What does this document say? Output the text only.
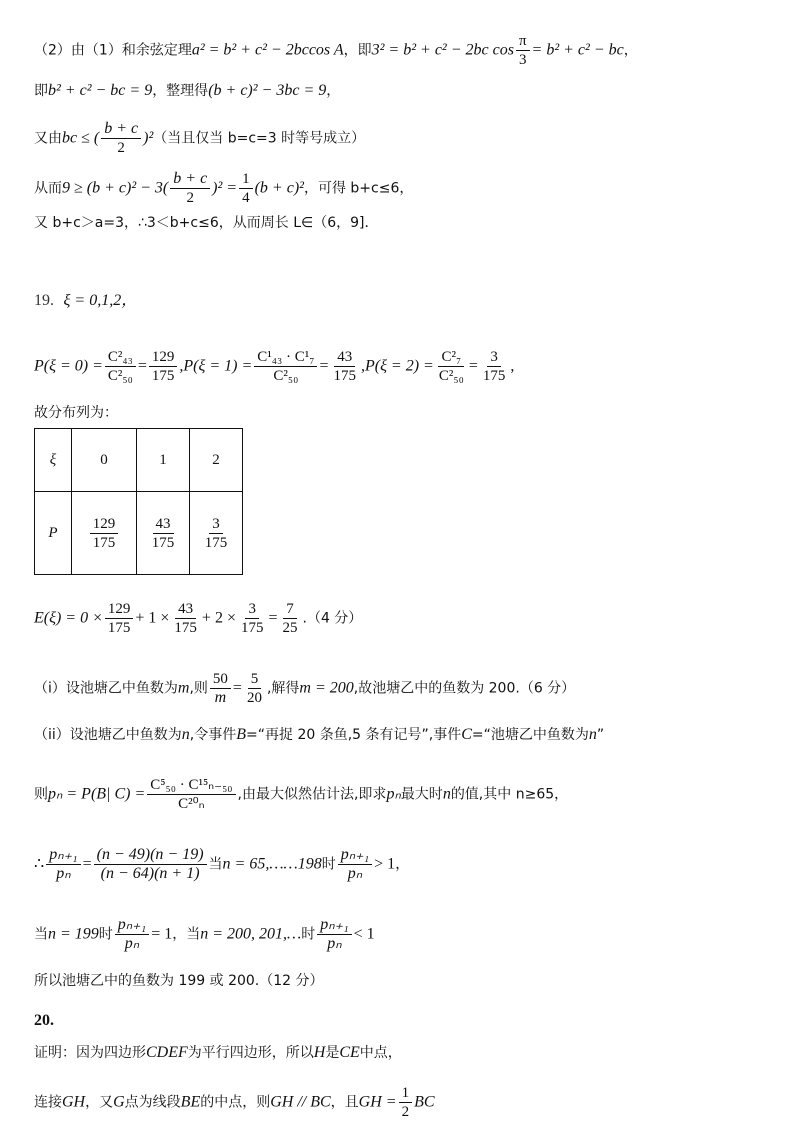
（2）由（1）和余弦定理a² = b² + c² − 2bccos A，即3² = b² + c² − 2bc $\cos \frac{\pi}{3} = b^2 + c^2$ − bc，
即b² + c² − bc = 9，整理得(b + c)² − 3bc = 9，
又由bc ≤ ( $\frac{b + c}{2} )^2$（当且仅当 b=c=3 时等号成立）
从而$9 \ge (b + c)^2 - 3( \frac{b + c}{2} )^2 = \frac{1}{4} (b + c)^2$，可得 b+c≤6，
又 b+c＞a=3，∴3＜b+c≤6，从而周长 L∈（6，9]．
19. ξ = 0,1,2，
$P(\xi = 0) = \frac{\text{C²₄₃}}{\text{C²₅₀}} = \frac{129}{175} ,P(\xi = 1) = \frac{\text{C¹₄₃ · C¹₇}}{\text{C²₅₀}} = \frac{43}{175} ,P(\xi = 2) = \frac{\text{C²₇}}{\text{C²₅₀}} = \frac{3}{175}$ ,
故分布列为：
ξ	0	1	2
P	$\frac{129}{175}$	$\frac{43}{175}$	$\frac{3}{175}$
$E(\xi) = 0 \times \frac{129}{175} + 1 \times \frac{43}{175} + 2 \times \frac{3}{175} = \frac{7}{25} .(4$ 分）
（i）设池塘乙中鱼数为m,则 $\frac{50}{m} = \frac{5}{20}$ ,解得m = 200,故池塘乙中的鱼数为 200.（6 分）
（ii）设池塘乙中鱼数为n,令事件B=“再捉 20 条鱼,5 条有记号”,事件C=“池塘乙中鱼数为n”
则pₙ = P(B| $C) = \frac{\text{C⁵₅₀ · C¹⁵ₙ₋₅₀}}{\text{C²⁰ₙ}}$ ,由最大似然估计法,即求pₙ最大时n的值,其中 n≥65，
∴ $\frac{\text{pₙ₊₁}}{\text{pₙ}} = \frac{(n - 49)(n - 19)}{(n - 64)(n + 1)}$ 当n = 65,……198时 $\frac{\text{pₙ₊₁}}{\text{pₙ}} > 1$，
当n = 199时 $\frac{\text{pₙ₊₁}}{\text{pₙ}} = 1$，当n = 200, 201,…时 $\frac{\text{pₙ₊₁}}{\text{pₙ}} < 1$
所以池塘乙中的鱼数为 199 或 200.（12 分）
20.
证明：因为四边形CDEF为平行四边形，所以H是CE中点，
连接GH，又G点为线段BE的中点，则GH // BC，且GH = $\frac{1}{2}$ BC
